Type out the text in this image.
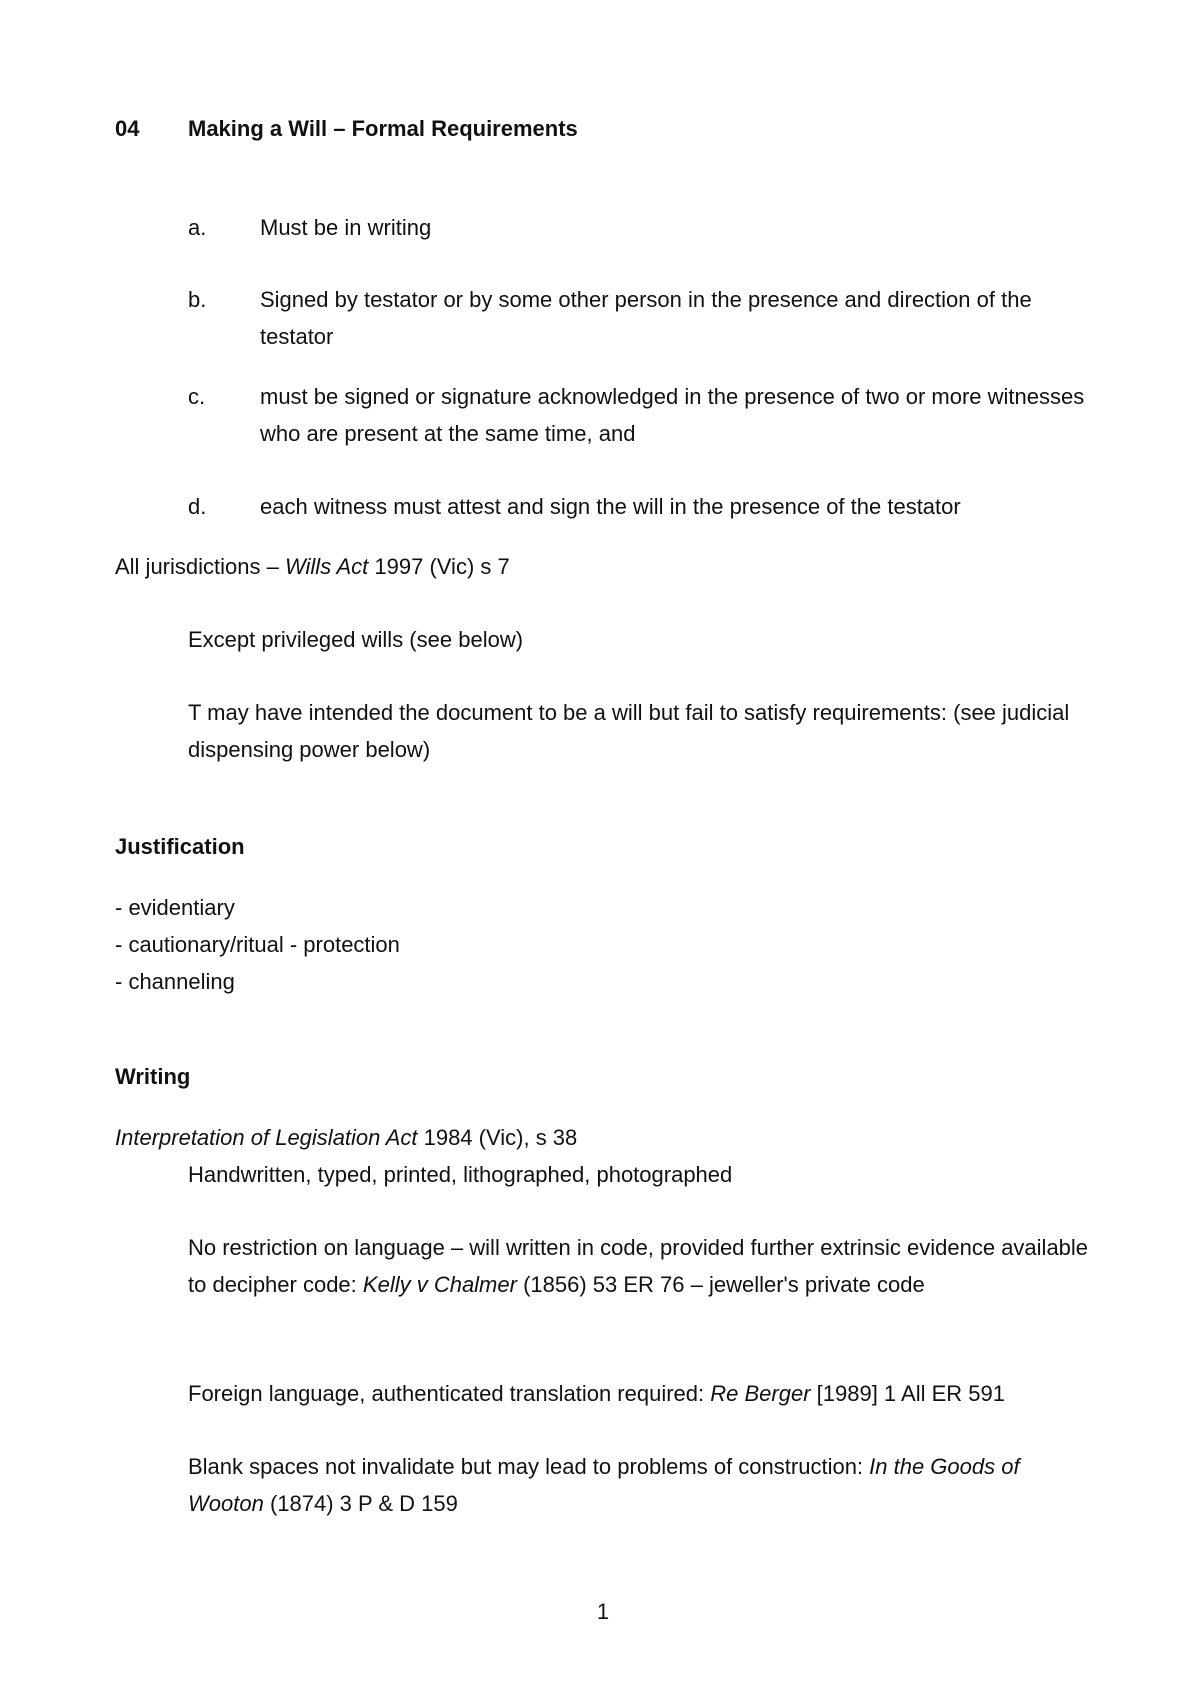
04 Making a Will – Formal Requirements
a.	Must be in writing
b.	Signed by testator or by some other person in the presence and direction of the testator
c.	must be signed or signature acknowledged in the presence of two or more witnesses who are present at the same time, and
d.	each witness must attest and sign the will in the presence of the testator
All jurisdictions – Wills Act 1997 (Vic) s 7
Except privileged wills (see below)
T may have intended the document to be a will but fail to satisfy requirements: (see judicial dispensing power below)
Justification
- evidentiary
- cautionary/ritual - protection
- channeling
Writing
Interpretation of Legislation Act 1984 (Vic), s 38
Handwritten, typed, printed, lithographed, photographed
No restriction on language – will written in code, provided further extrinsic evidence available to decipher code: Kelly v Chalmer (1856) 53 ER 76 – jeweller's private code
Foreign language, authenticated translation required: Re Berger [1989] 1 All ER 591
Blank spaces not invalidate but may lead to problems of construction: In the Goods of Wooton (1874) 3 P & D 159
1
